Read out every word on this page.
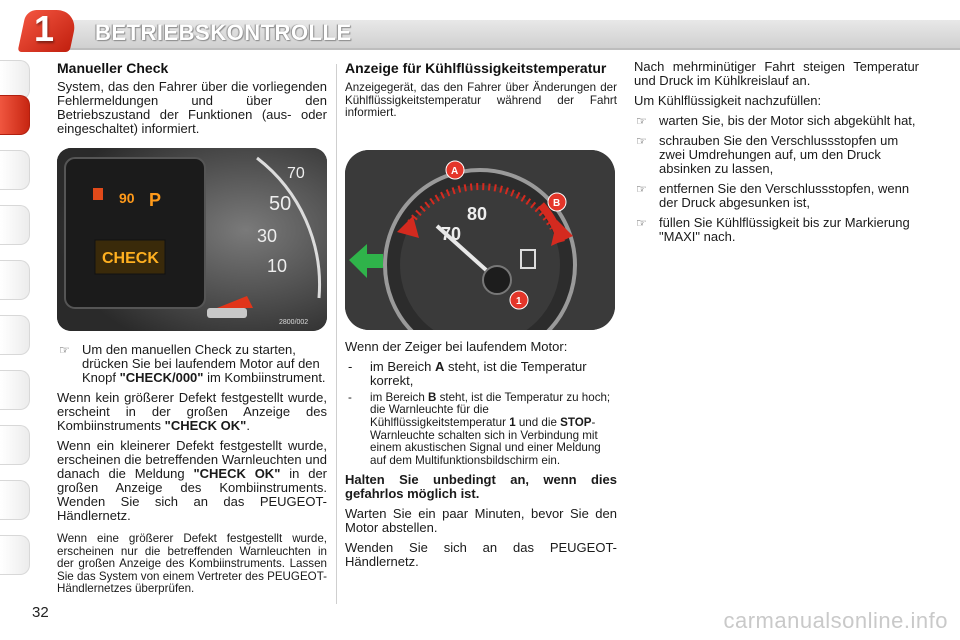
1 BETRIEBSKONTROLLE
Manueller Check

System, das den Fahrer über die vorliegenden Fehlermeldungen und über den Betriebszustand der Funktionen (aus- oder eingeschaltet) informiert.

CHECK
90 P
70
50
30
10
2800/002
☞ Um den manuellen Check zu starten, drücken Sie bei laufendem Motor auf den Knopf "CHECK/000" im Kombiinstrument.

Wenn kein größerer Defekt festgestellt wurde, erscheint in der großen Anzeige des Kombiinstruments "CHECK OK".

Wenn ein kleinerer Defekt festgestellt wurde, erscheinen die betreffenden Warnleuchten und danach die Meldung "CHECK OK" in der großen Anzeige des Kombiinstruments. Wenden Sie sich an das PEUGEOT-Händlernetz.

Wenn eine größerer Defekt festgestellt wurde, erscheinen nur die betreffenden Warnleuchten in der großen Anzeige des Kombiinstruments. Lassen Sie das System von einem Vertreter des PEUGEOT-Händlernetzes überprüfen.

Anzeige für Kühlflüssigkeitstemperatur

Anzeigegerät, das den Fahrer über Änderungen der Kühlflüssigkeitstemperatur während der Fahrt informiert.

A
B
70
80
1

Wenn der Zeiger bei laufendem Motor:

- im Bereich A steht, ist die Temperatur korrekt,
- im Bereich B steht, ist die Temperatur zu hoch; die Warnleuchte für die Kühlflüssigkeitstemperatur 1 und die STOP-Warnleuchte schalten sich in Verbindung mit einem akustischen Signal und einer Meldung auf dem Multifunktionsbildschirm ein.

Halten Sie unbedingt an, wenn dies gefahrlos möglich ist.

Warten Sie ein paar Minuten, bevor Sie den Motor abstellen.

Wenden Sie sich an das PEUGEOT-Händlernetz.

Nach mehrminütiger Fahrt steigen Temperatur und Druck im Kühlkreislauf an.

Um Kühlflüssigkeit nachzufüllen:

☞ warten Sie, bis der Motor sich abgekühlt hat,
☞ schrauben Sie den Verschlussstopfen um zwei Umdrehungen auf, um den Druck absinken zu lassen,
☞ entfernen Sie den Verschlussstopfen, wenn der Druck abgesunken ist,
☞ füllen Sie Kühlflüssigkeit bis zur Markierung "MAXI" nach.
32	carmanualsonline.info
